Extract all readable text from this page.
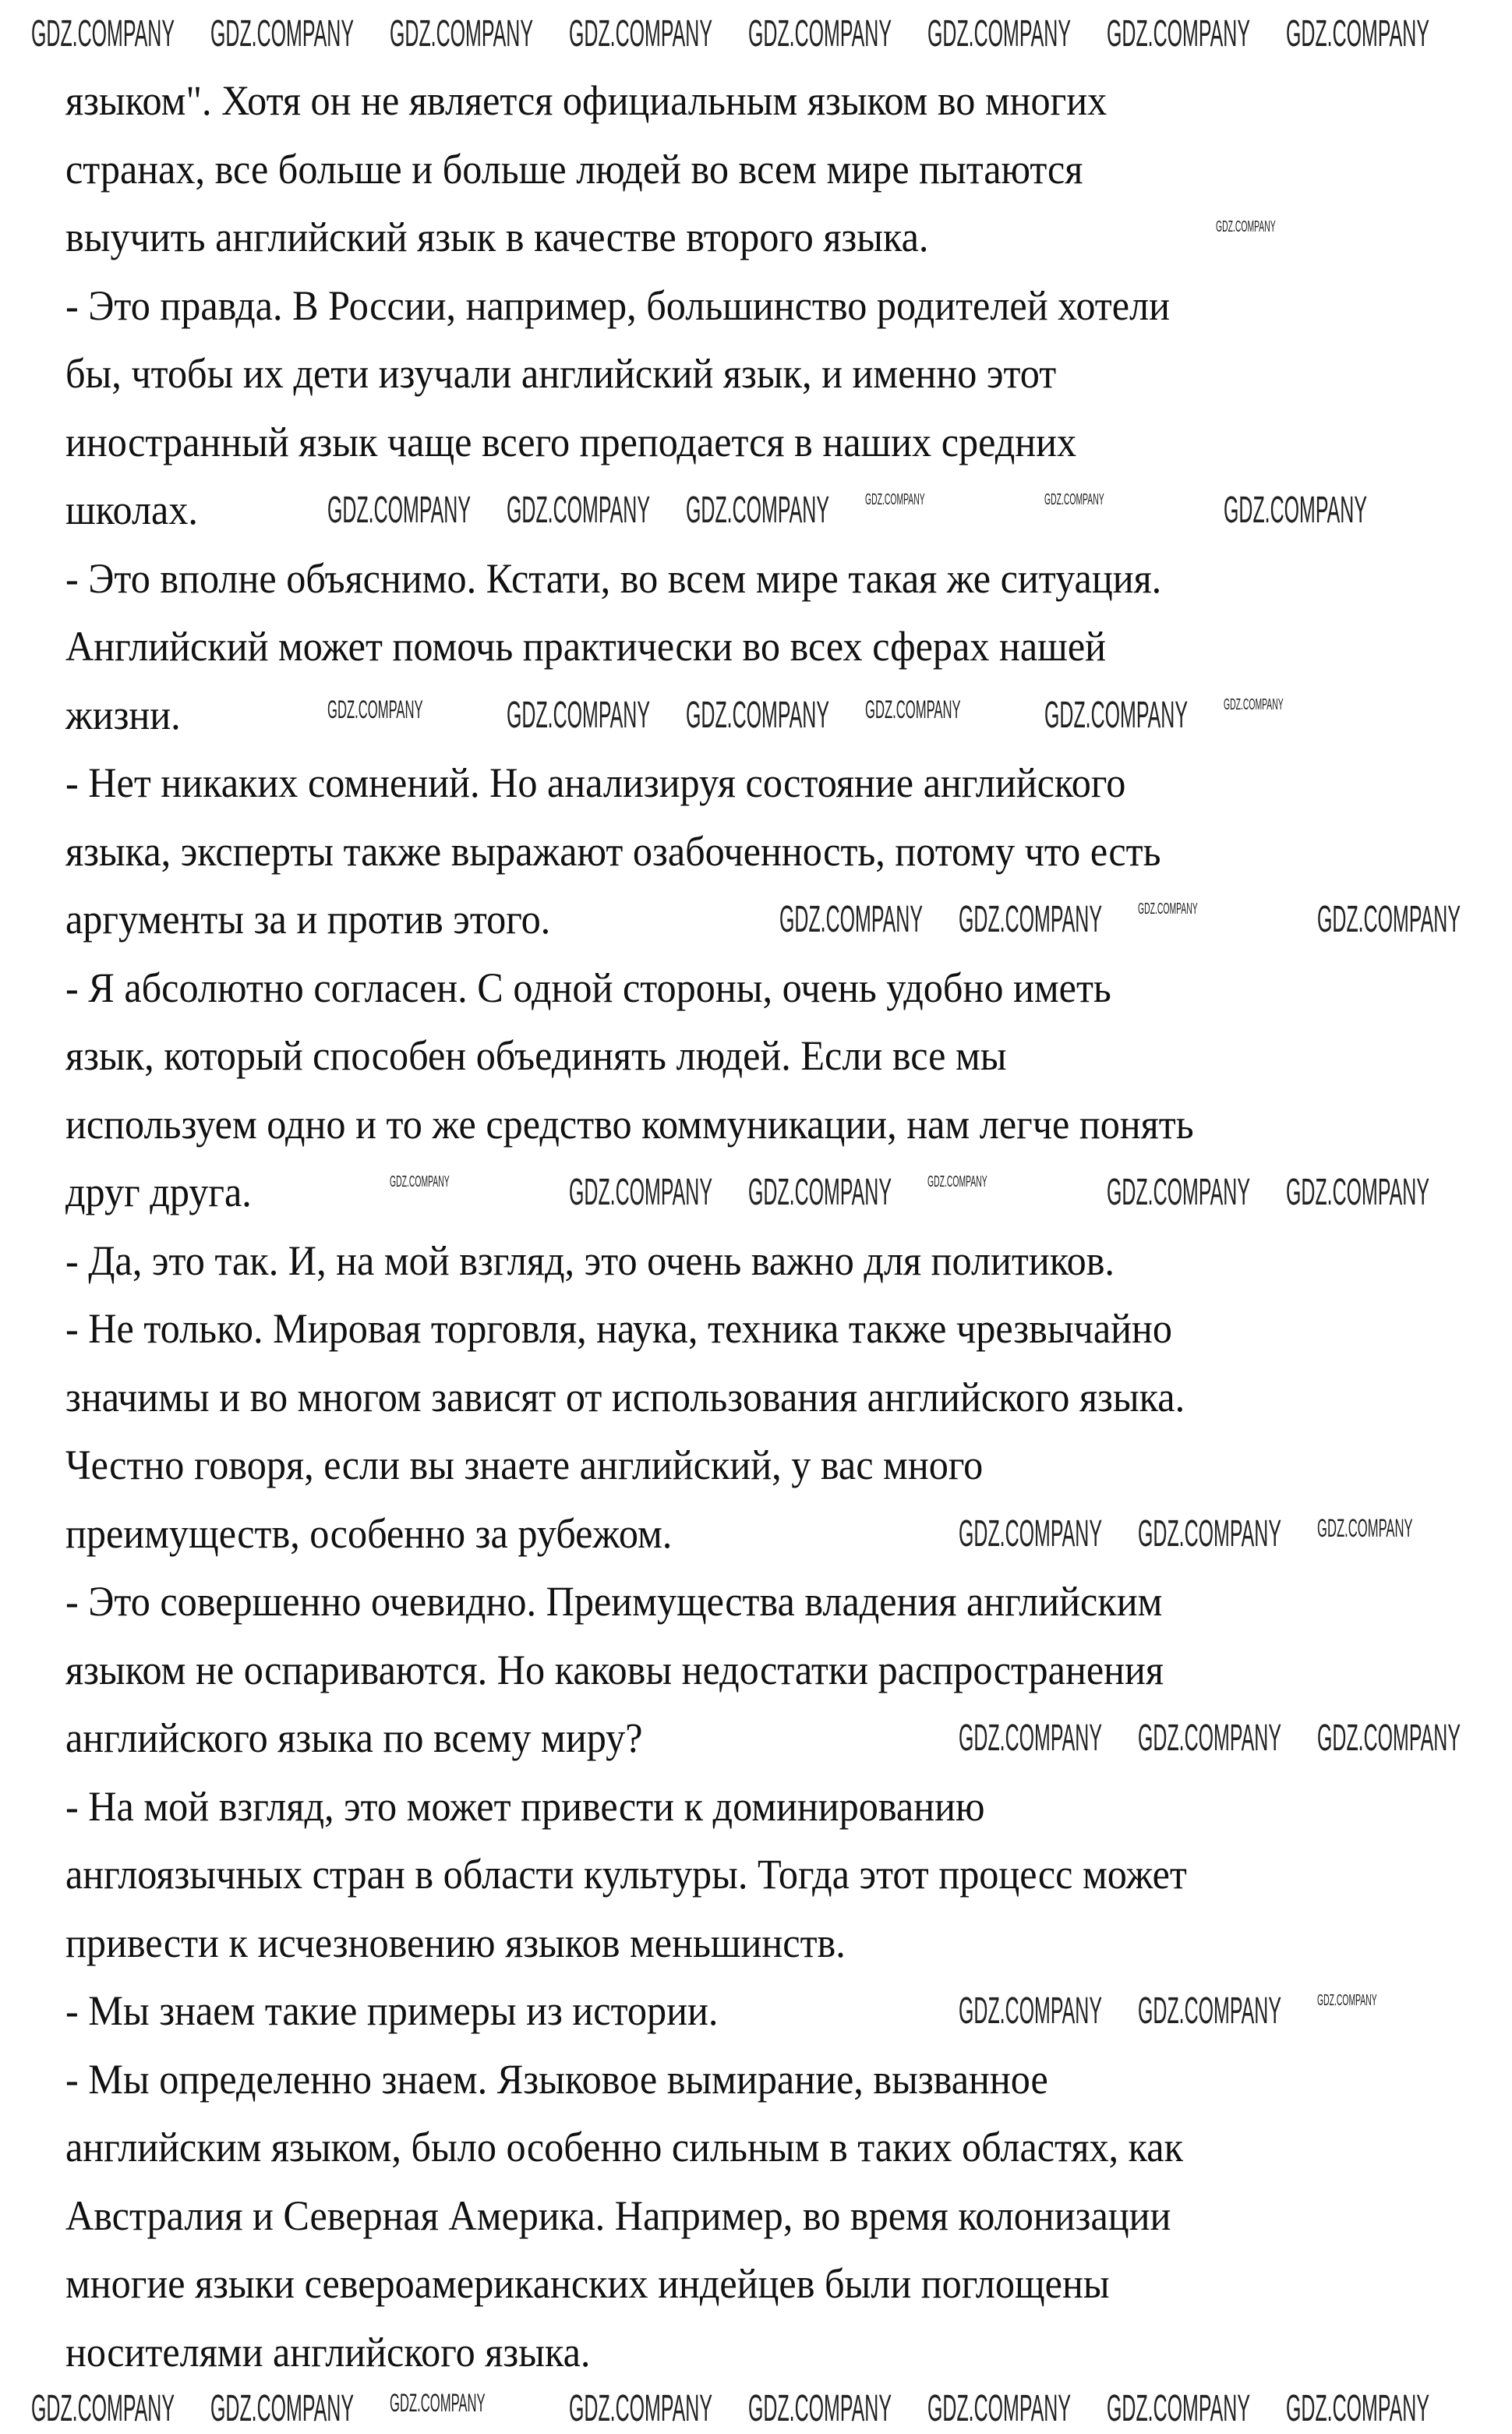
языком". Хотя он не является официальным языком во многих
странах, все больше и больше людей во всем мире пытаются
выучить английский язык в качестве второго языка.
- Это правда. В России, например, большинство родителей хотели
бы, чтобы их дети изучали английский язык, и именно этот
иностранный язык чаще всего преподается в наших средних
школах.
- Это вполне объяснимо. Кстати, во всем мире такая же ситуация.
Английский может помочь практически во всех сферах нашей
жизни.
- Нет никаких сомнений. Но анализируя состояние английского
языка, эксперты также выражают озабоченность, потому что есть
аргументы за и против этого.
- Я абсолютно согласен. С одной стороны, очень удобно иметь
язык, который способен объединять людей. Если все мы
используем одно и то же средство коммуникации, нам легче понять
друг друга.
- Да, это так. И, на мой взгляд, это очень важно для политиков.
- Не только. Мировая торговля, наука, техника также чрезвычайно
значимы и во многом зависят от использования английского языка.
Честно говоря, если вы знаете английский, у вас много
преимуществ, особенно за рубежом.
- Это совершенно очевидно. Преимущества владения английским
языком не оспариваются. Но каковы недостатки распространения
английского языка по всему миру?
- На мой взгляд, это может привести к доминированию
англоязычных стран в области культуры. Тогда этот процесс может
привести к исчезновению языков меньшинств.
- Мы знаем такие примеры из истории.
- Мы определенно знаем. Языковое вымирание, вызванное
английским языком, было особенно сильным в таких областях, как
Австралия и Северная Америка. Например, во время колонизации
многие языки североамериканских индейцев были поглощены
носителями английского языка.
GDZ.COMPANY GDZ.COMPANY GDZ.COMPANY GDZ.COMPANY GDZ.COMPANY GDZ.COMPANY GDZ.COMPANY GDZ.COMPANY
GDZ.COMPANY
GDZ.COMPANY GDZ.COMPANY GDZ.COMPANY GDZ.COMPANY	GDZ.COMPANY	GDZ.COMPANY
GDZ.COMPANY GDZ.COMPANY GDZ.COMPANY GDZ.COMPANY GDZ.COMPANY GDZ.COMPANY
GDZ.COMPANY GDZ.COMPANY GDZ.COMPANY	GDZ.COMPANY
GDZ.COMPANY	GDZ.COMPANY GDZ.COMPANY GDZ.COMPANY	GDZ.COMPANY GDZ.COMPANY
GDZ.COMPANY GDZ.COMPANY GDZ.COMPANY
GDZ.COMPANY GDZ.COMPANY GDZ.COMPANY
GDZ.COMPANY GDZ.COMPANY GDZ.COMPANY
GDZ.COMPANY GDZ.COMPANY GDZ.COMPANY GDZ.COMPANY GDZ.COMPANY GDZ.COMPANY GDZ.COMPANY GDZ.COMPANY
